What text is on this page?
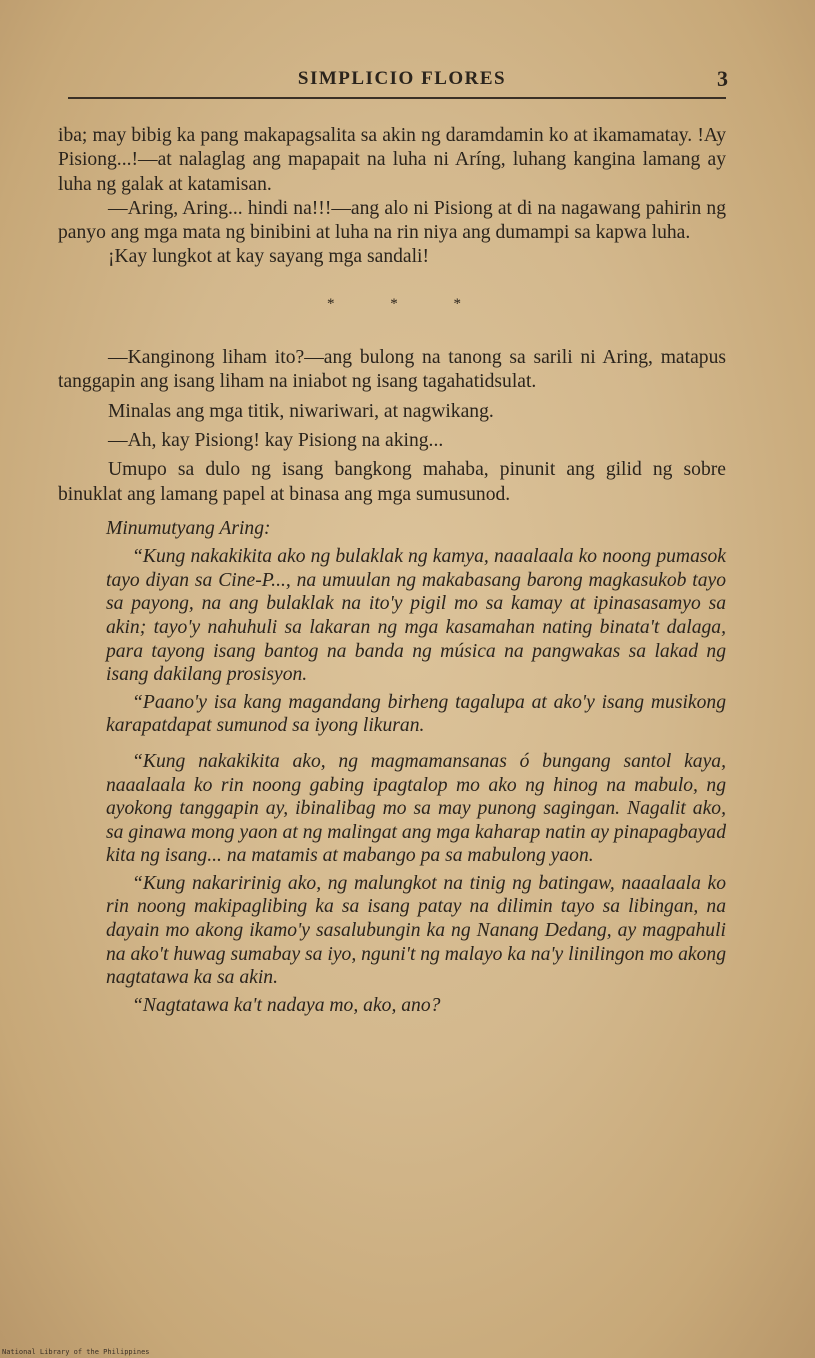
SIMPLICIO FLORES	3

iba; may bibig ka pang makapagsalita sa akin ng daramdamin ko at ikamamatay. !Ay Pisiong...!—at nalaglag ang mapapait na luha ni Aríng, luhang kangina lamang ay luha ng galak at katamisan.

—Aring, Aring... hindi na!!!—ang alo ni Pisiong at di na nagawang pahirin ng panyo ang mga mata ng binibini at luha na rin niya ang dumampi sa kapwa luha.

¡Kay lungkot at kay sayang mga sandali!

* * *

—Kanginong liham ito?—ang bulong na tanong sa sarili ni Aring, matapus tanggapin ang isang liham na iniabot ng isang tagahatidsulat.

Minalas ang mga titik, niwariwari, at nagwikang.

—Ah, kay Pisiong! kay Pisiong na aking...

Umupo sa dulo ng isang bangkong mahaba, pinunit ang gilid ng sobre binuklat ang lamang papel at binasa ang mga sumusunod.

Minumutyang Aring:

“Kung nakakikita ako ng bulaklak ng kamya, naaalaala ko noong pumasok tayo diyan sa Cine-P..., na umuulan ng makabasang barong magkasukob tayo sa payong, na ang bulaklak na ito'y pigil mo sa kamay at ipinasasamyo sa akin; tayo'y nahuhuli sa lakaran ng mga kasamahan nating binata't dalaga, para tayong isang bantog na banda ng música na pangwakas sa lakad ng isang dakilang prosisyon.

“Paano'y isa kang magandang birheng tagalupa at ako'y isang musikong karapatdapat sumunod sa iyong likuran.

“Kung nakakikita ako, ng magmamansanas ó bungang santol kaya, naaalaala ko rin noong gabing ipagtalop mo ako ng hinog na mabulo, ng ayokong tanggapin ay, ibinalibag mo sa may punong sagingan. Nagalit ako, sa ginawa mong yaon at ng malingat ang mga kaharap natin ay pinapagbayad kita ng isang... na matamis at mabango pa sa mabulong yaon.

“Kung nakaririnig ako, ng malungkot na tinig ng batingaw, naaalaala ko rin noong makipaglibing ka sa isang patay na dilimin tayo sa libingan, na dayain mo akong ikamo'y sasalubungin ka ng Nanang Dedang, ay magpahuli na ako't huwag sumabay sa iyo, nguni't ng malayo ka na'y linilingon mo akong nagtatawa ka sa akin.

“Nagtatawa ka't nadaya mo, ako, ano?

National Library of the Philippines
